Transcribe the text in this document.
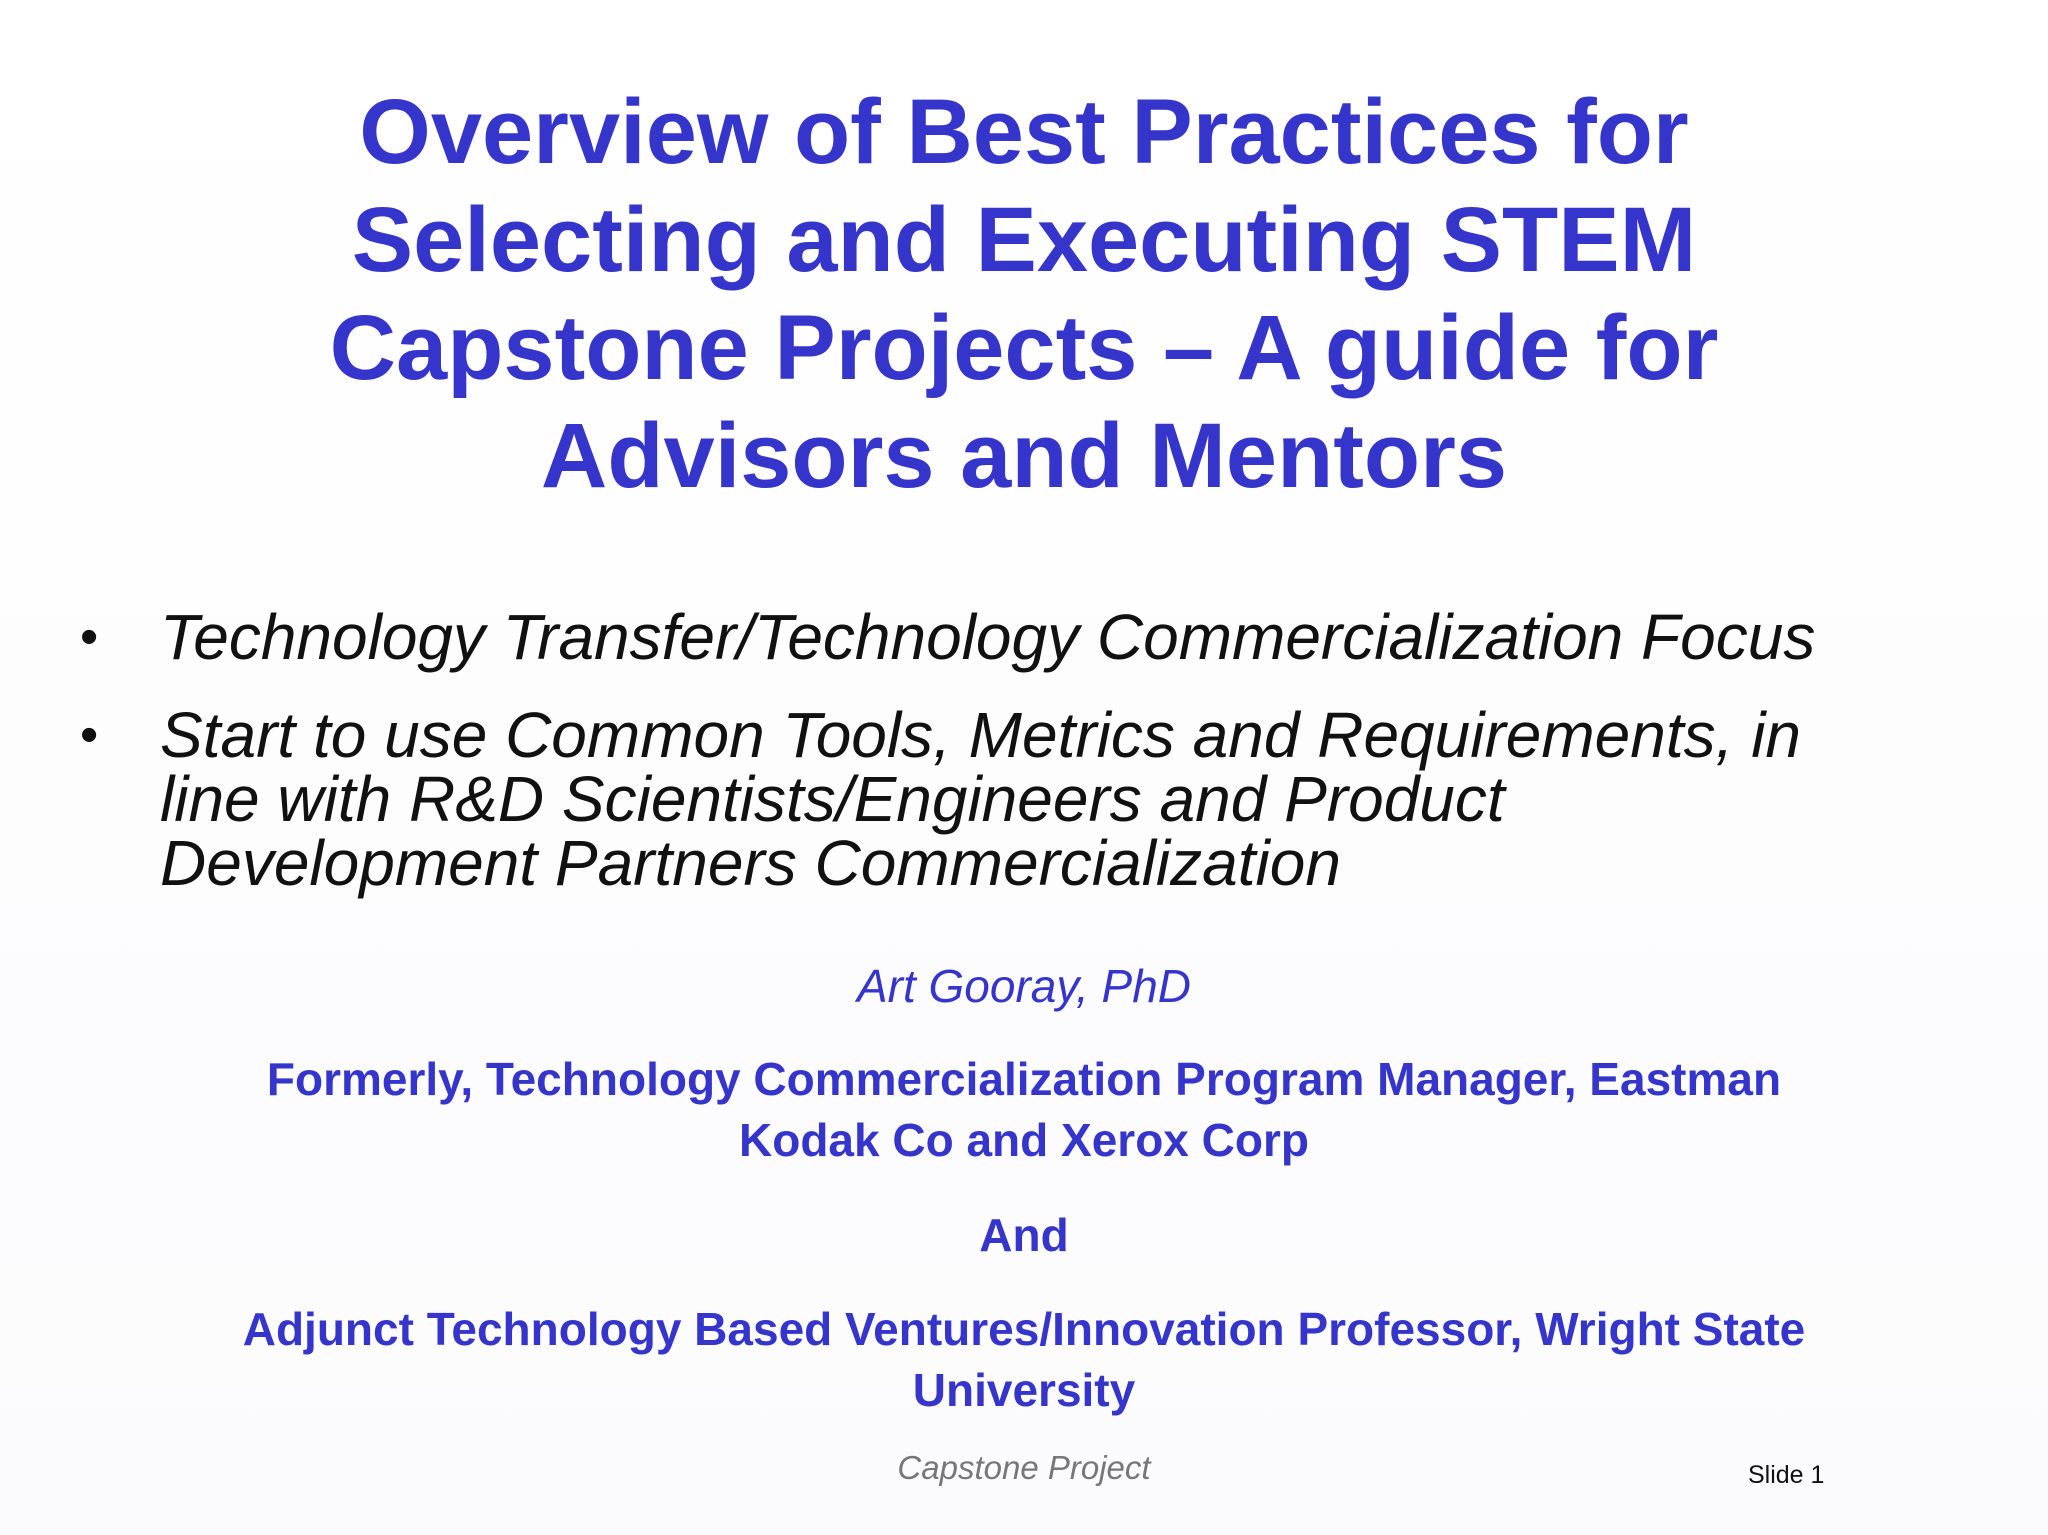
Overview of Best Practices for
Selecting and Executing STEM
Capstone Projects – A guide for
Advisors and Mentors
• Technology Transfer/Technology Commercialization Focus
• Start to use Common Tools, Metrics and Requirements, in
line with R&D Scientists/Engineers and Product
Development Partners Commercialization
Art Gooray, PhD
Formerly, Technology Commercialization Program Manager, Eastman
Kodak Co and Xerox Corp
And
Adjunct Technology Based Ventures/Innovation Professor, Wright State
University
Capstone Project	Slide 1
